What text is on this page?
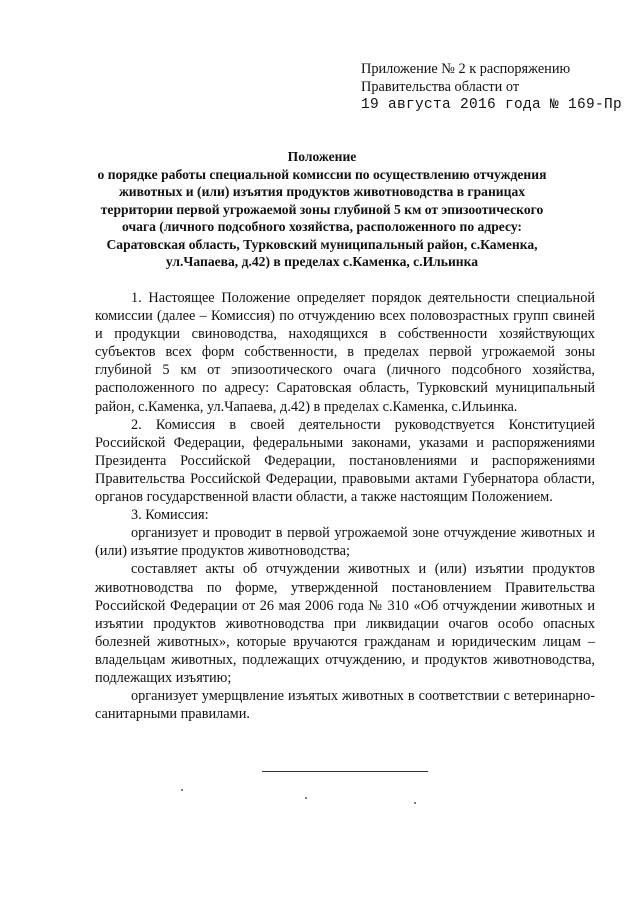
Приложение № 2 к распоряжению
Правительства области от
19 августа 2016 года № 169-Пр
Положение
о порядке работы специальной комиссии по осуществлению отчуждения
животных и (или) изъятия продуктов животноводства в границах
территории первой угрожаемой зоны глубиной 5 км от эпизоотического
очага (личного подсобного хозяйства, расположенного по адресу:
Саратовская область, Турковский муниципальный район, с.Каменка,
ул.Чапаева, д.42) в пределах с.Каменка, с.Ильинка

1. Настоящее Положение определяет порядок деятельности специальной комиссии (далее – Комиссия) по отчуждению всех половозрастных групп свиней и продукции свиноводства, находящихся в собственности хозяйствующих субъектов всех форм собственности, в пределах первой угрожаемой зоны глубиной 5 км от эпизоотического очага (личного подсобного хозяйства, расположенного по адресу: Саратовская область, Турковский муниципальный район, с.Каменка, ул.Чапаева, д.42) в пределах с.Каменка, с.Ильинка.

2. Комиссия в своей деятельности руководствуется Конституцией Российской Федерации, федеральными законами, указами и распоряжениями Президента Российской Федерации, постановлениями и распоряжениями Правительства Российской Федерации, правовыми актами Губернатора области, органов государственной власти области, а также настоящим Положением.

3. Комиссия:

организует и проводит в первой угрожаемой зоне отчуждение животных и (или) изъятие продуктов животноводства;

составляет акты об отчуждении животных и (или) изъятии продуктов животноводства по форме, утвержденной постановлением Правительства Российской Федерации от 26 мая 2006 года № 310 «Об отчуждении животных и изъятии продуктов животноводства при ликвидации очагов особо опасных болезней животных», которые вручаются гражданам и юридическим лицам – владельцам животных, подлежащих отчуждению, и продуктов животноводства, подлежащих изъятию;

организует умерщвление изъятых животных в соответствии с ветеринарно-санитарными правилами.
